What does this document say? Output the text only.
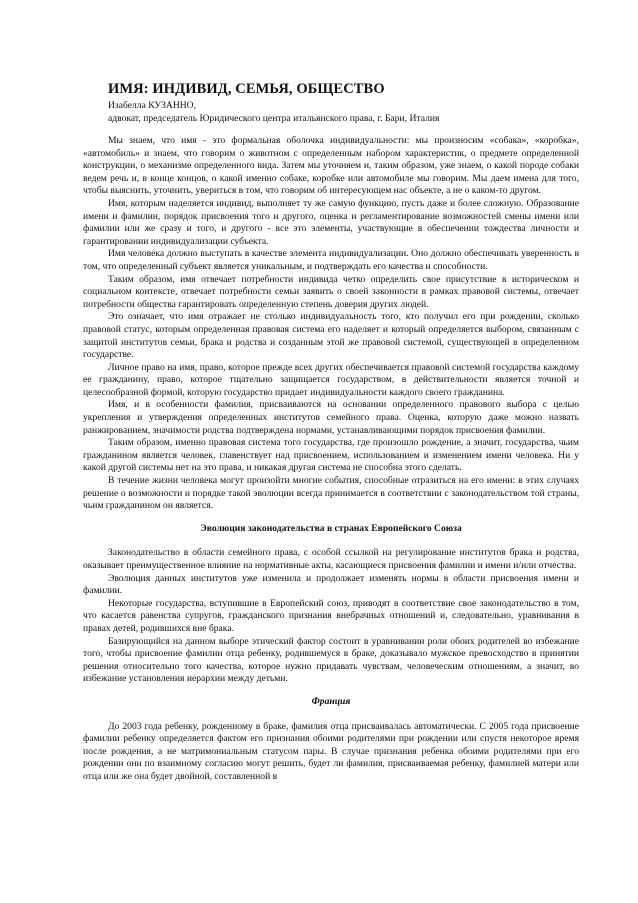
ИМЯ: ИНДИВИД, СЕМЬЯ, ОБЩЕСТВО
Изабелла КУЗАННО,
адвокат, председатель Юридического центра итальянского права, г. Бари, Италия

Мы знаем, что имя - это формальная оболочка индивидуальности: мы произносим «собака», «коробка», «автомобиль» и знаем, что говорим о животном с определенным набором характеристик, о предмете определенной конструкции, о механизме определенного вида. Затем мы уточняем и, таким образом, уже знаем, о какой породе собаки ведем речь и, в конце концов, о какой именно собаке, коробке или автомобиле мы говорим. Мы даем имена для того, чтобы выяснить, уточнить, увериться в том, что говорим об интересующем нас объекте, а не о каком-то другом.

Имя, которым наделяется индивид, выполняет ту же самую функцию, пусть даже и более сложную. Образование имени и фамилии, порядок присвоения того и другого, оценка и регламентирование возможностей смены имени или фамилии или же сразу и того, и другого - все это элементы, участвующие в обеспечении тождества личности и гарантировании индивидуализации субъекта.

Имя человека должно выступать в качестве элемента индивидуализации. Оно должно обеспечивать уверенность в том, что определенный субъект является уникальным, и подтверждать его качества и способности.

Таким образом, имя отвечает потребности индивида четко определить свое присутствие в историческом и социальном контексте, отвечает потребности семьи заявить о своей законности в рамках правовой системы, отвечает потребности общества гарантировать определенную степень доверия других людей.

Это означает, что имя отражает не столько индивидуальность того, кто получил его при рождении, сколько правовой статус, которым определенная правовая система его наделяет и который определяется выбором, связанным с защитой институтов семьи, брака и родства и созданным этой же правовой системой, существующей в определенном государстве.

Личное право на имя, право, которое прежде всех других обеспечивается правовой системой государства каждому ее гражданину, право, которое тщательно защищается государством, в действительности является точной и целесообразной формой, которую государство придает индивидуальности каждого своего гражданина.

Имя, и в особенности фамилия, присваиваются на основании определенного правового выбора с целью укрепления и утверждения определенных институтов семейного права. Оценка, которую даже можно назвать ранжированием, значимости родства подтверждена нормами, устанавливающими порядок присвоения фамилии.

Таким образом, именно правовая система того государства, где произошло рождение, а значит, государства, чьим гражданином является человек, главенствует над присвоением, использованием и изменением имени человека. Ни у какой другой системы нет на это права, и никакая другая система не способна этого сделать.

В течение жизни человека могут произойти многие события, способные отразиться на его имени: в этих случаях решение о возможности и порядке такой эволюции всегда принимается в соответствии с законодательством той страны, чьим гражданином он является.

Эволюция законодательства в странах Европейского Союза

Законодательство в области семейного права, с особой ссылкой на регулирование институтов брака и родства, оказывает преимущественное влияние на нормативные акты, касающиеся присвоения фамилии и имени и/или отчества.

Эволюция данных институтов уже изменила и продолжает изменять нормы в области присвоения имени и фамилии.

Некоторые государства, вступившие в Европейский союз, приводят в соответствие свое законодательство в том, что касается равенства супругов, гражданского признания внебрачных отношений и, следовательно, уравнивания в правах детей, родившихся вне брака.

Базирующийся на данном выборе этический фактор состоит в уравнивании роли обоих родителей во избежание того, чтобы присвоение фамилии отца ребенку, родившемуся в браке, доказывало мужское превосходство в принятии решения относительно того качества, которое нужно придавать чувствам, человеческим отношениям, а значит, во избежание установления иерархии между детьми.

Франция

До 2003 года ребенку, рожденному в браке, фамилия отца присваивалась автоматически. С 2005 года присвоение фамилии ребенку определяется фактом его признания обоими родителями при рождении или спустя некоторое время после рождения, а не матримониальным статусом пары. В случае признания ребенка обоими родителями при его рождении они по взаимному согласию могут решить, будет ли фамилия, присваиваемая ребенку, фамилией матери или отца или же она будет двойной, составленной в
